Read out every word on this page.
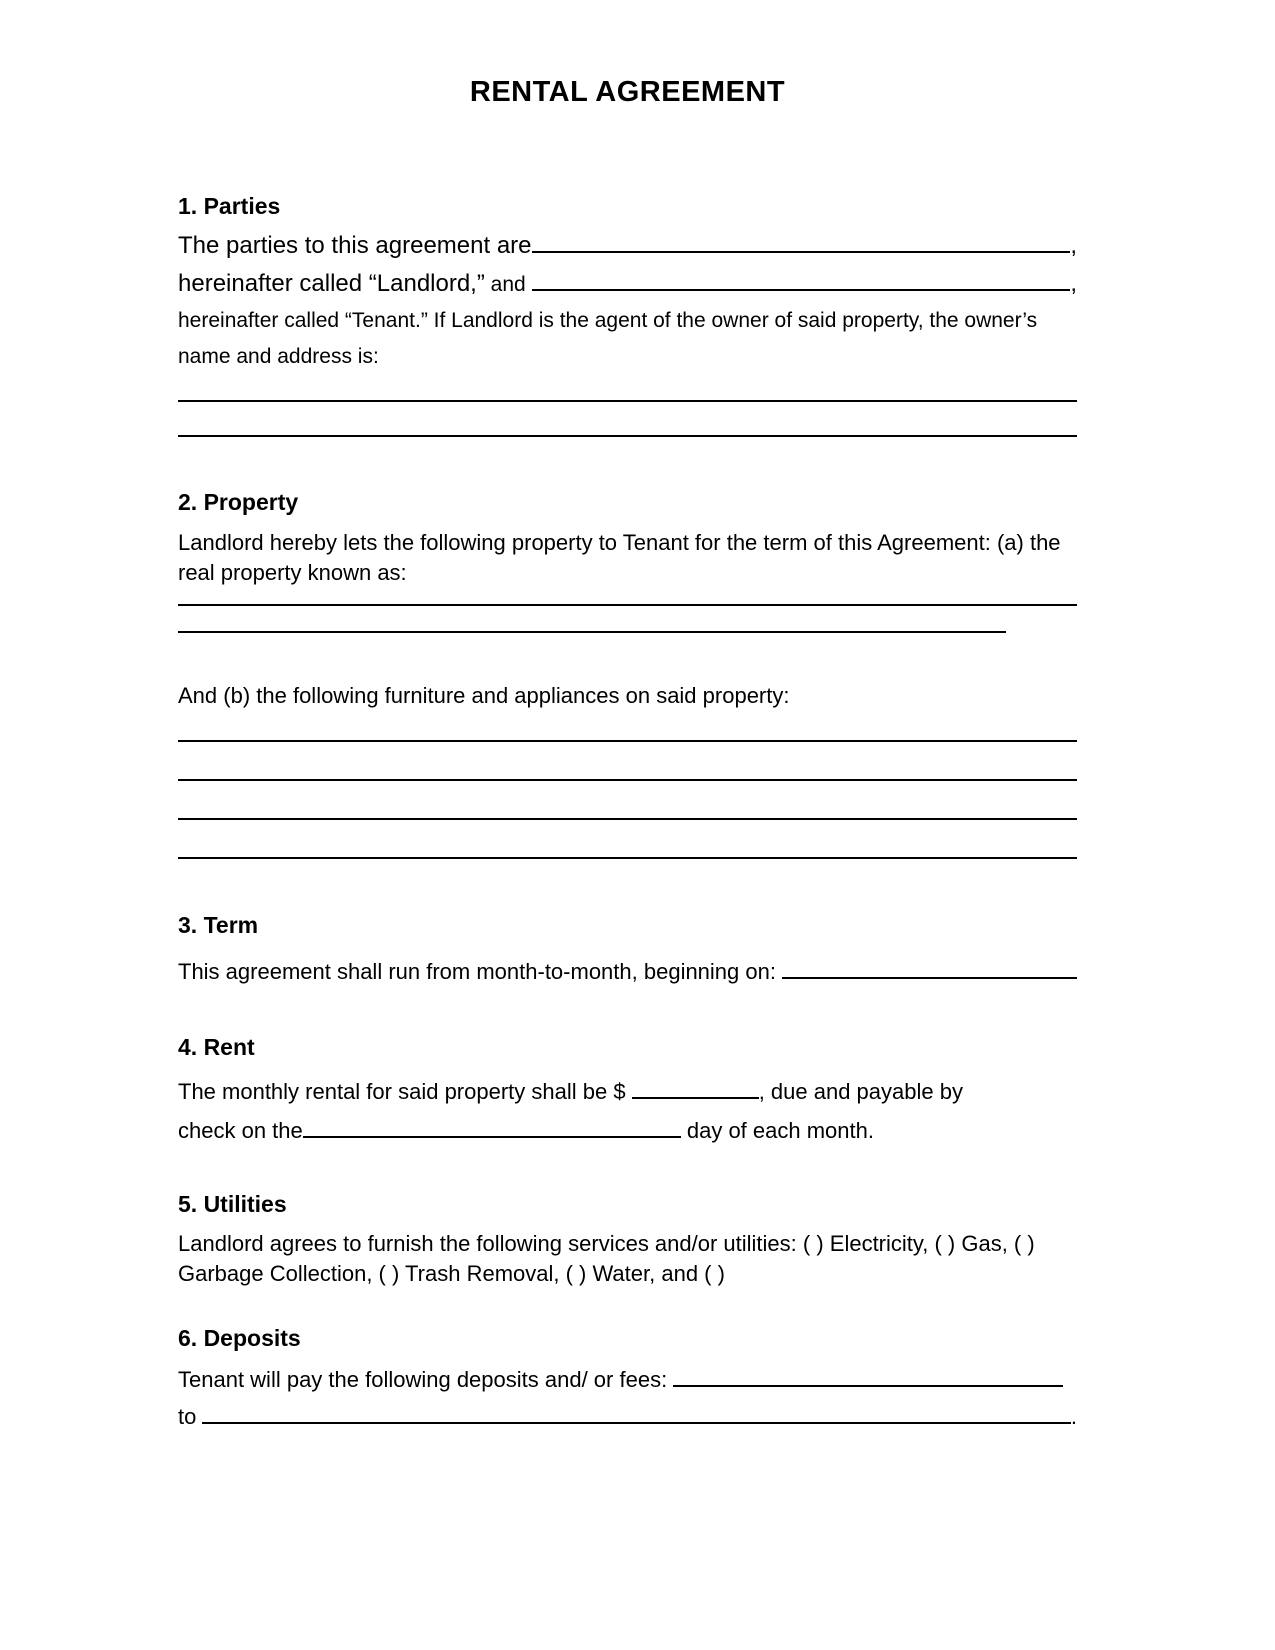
RENTAL AGREEMENT
1. Parties
The parties to this agreement are	,
hereinafter called “Landlord,” and	,
hereinafter called “Tenant.” If Landlord is the agent of the owner of said property, the owner’s
name and address is:
2. Property
Landlord hereby lets the following property to Tenant for the term of this Agreement: (a) the real property known as:
And (b) the following furniture and appliances on said property:
3. Term
This agreement shall run from month-to-month, beginning on:
4. Rent
The monthly rental for said property shall be $	, due and payable by
check on the	day of each month.
5. Utilities
Landlord agrees to furnish the following services and/or utilities: ( ) Electricity, ( ) Gas, ( ) Garbage Collection, ( ) Trash Removal, ( ) Water, and ( )
6. Deposits
Tenant will pay the following deposits and/ or fees:
to	.
